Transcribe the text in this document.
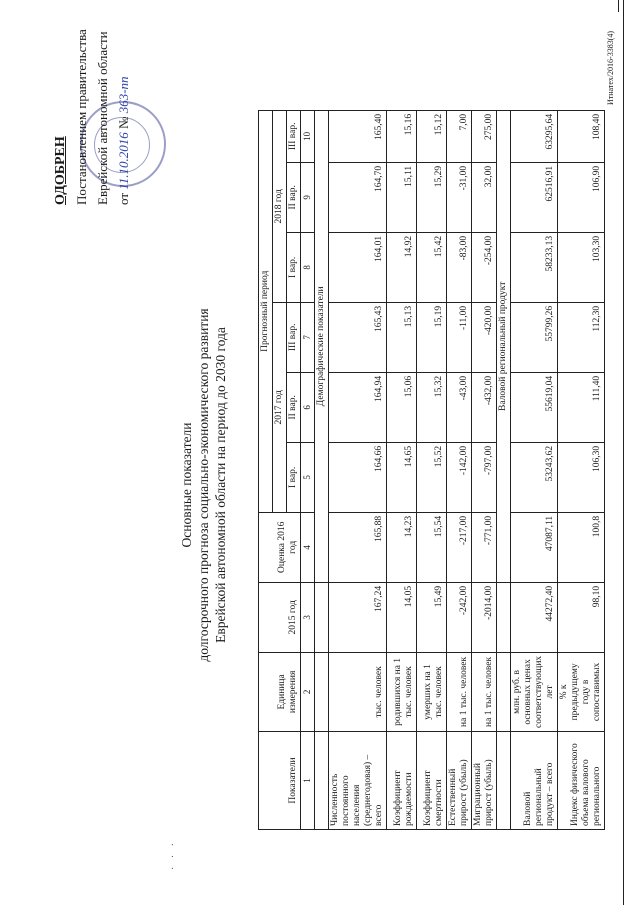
· · ·
ОДОБРЕН Постановлением правительства Еврейской автономной области от 11.10.2016 № 363-пп
Основные показатели долгосрочного прогноза социально-экономического развития Еврейской автономной области на период до 2030 года
Показатели	Единица измерения	2015 год	Оценка 2016 год	Прогнозный период					
				2017 год			2018 год		
				I вар.	II вар.	III вар.	I вар.	II вар.	III вар.
1	2	3	4	5	6	7	8	9	10
			Демографические показатели						
Численность постоянного населения (среднегодовая) – всего	тыс. человек	167,24	165,88	164,66	164,94	165,43	164,01	164,70	165,40
Коэффициент рождаемости	родившихся на 1 тыс. человек	14,05	14,23	14,65	15,06	15,13	14,92	15,11	15,16
Коэффициент смертности	умерших на 1 тыс. человек	15,49	15,54	15,52	15,32	15,19	15,42	15,29	15,12
Естественный прирост (убыль)	на 1 тыс. человек	-242,00	-217,00	-142,00	-43,00	-11,00	-83,00	-31,00	7,00
Миграционный прирост (убыль)	на 1 тыс. человек	-2014,00	-771,00	-797,00	-432,00	-420,00	-254,00	32,00	275,00
			Валовой региональный продукт						
Валовой региональный продукт – всего	млн. руб. в основных ценах соответствующих лет	44272,40	47087,11	53243,62	55619,04	55799,26	58233,13	62516,91	63295,64
Индекс физического объема валового регионального	% к предыдущему году в сопоставимых	98,10	100,8	106,30	111,40	112,30	103,30	106,90	108,40
Итнатех/2016-3383(4)
